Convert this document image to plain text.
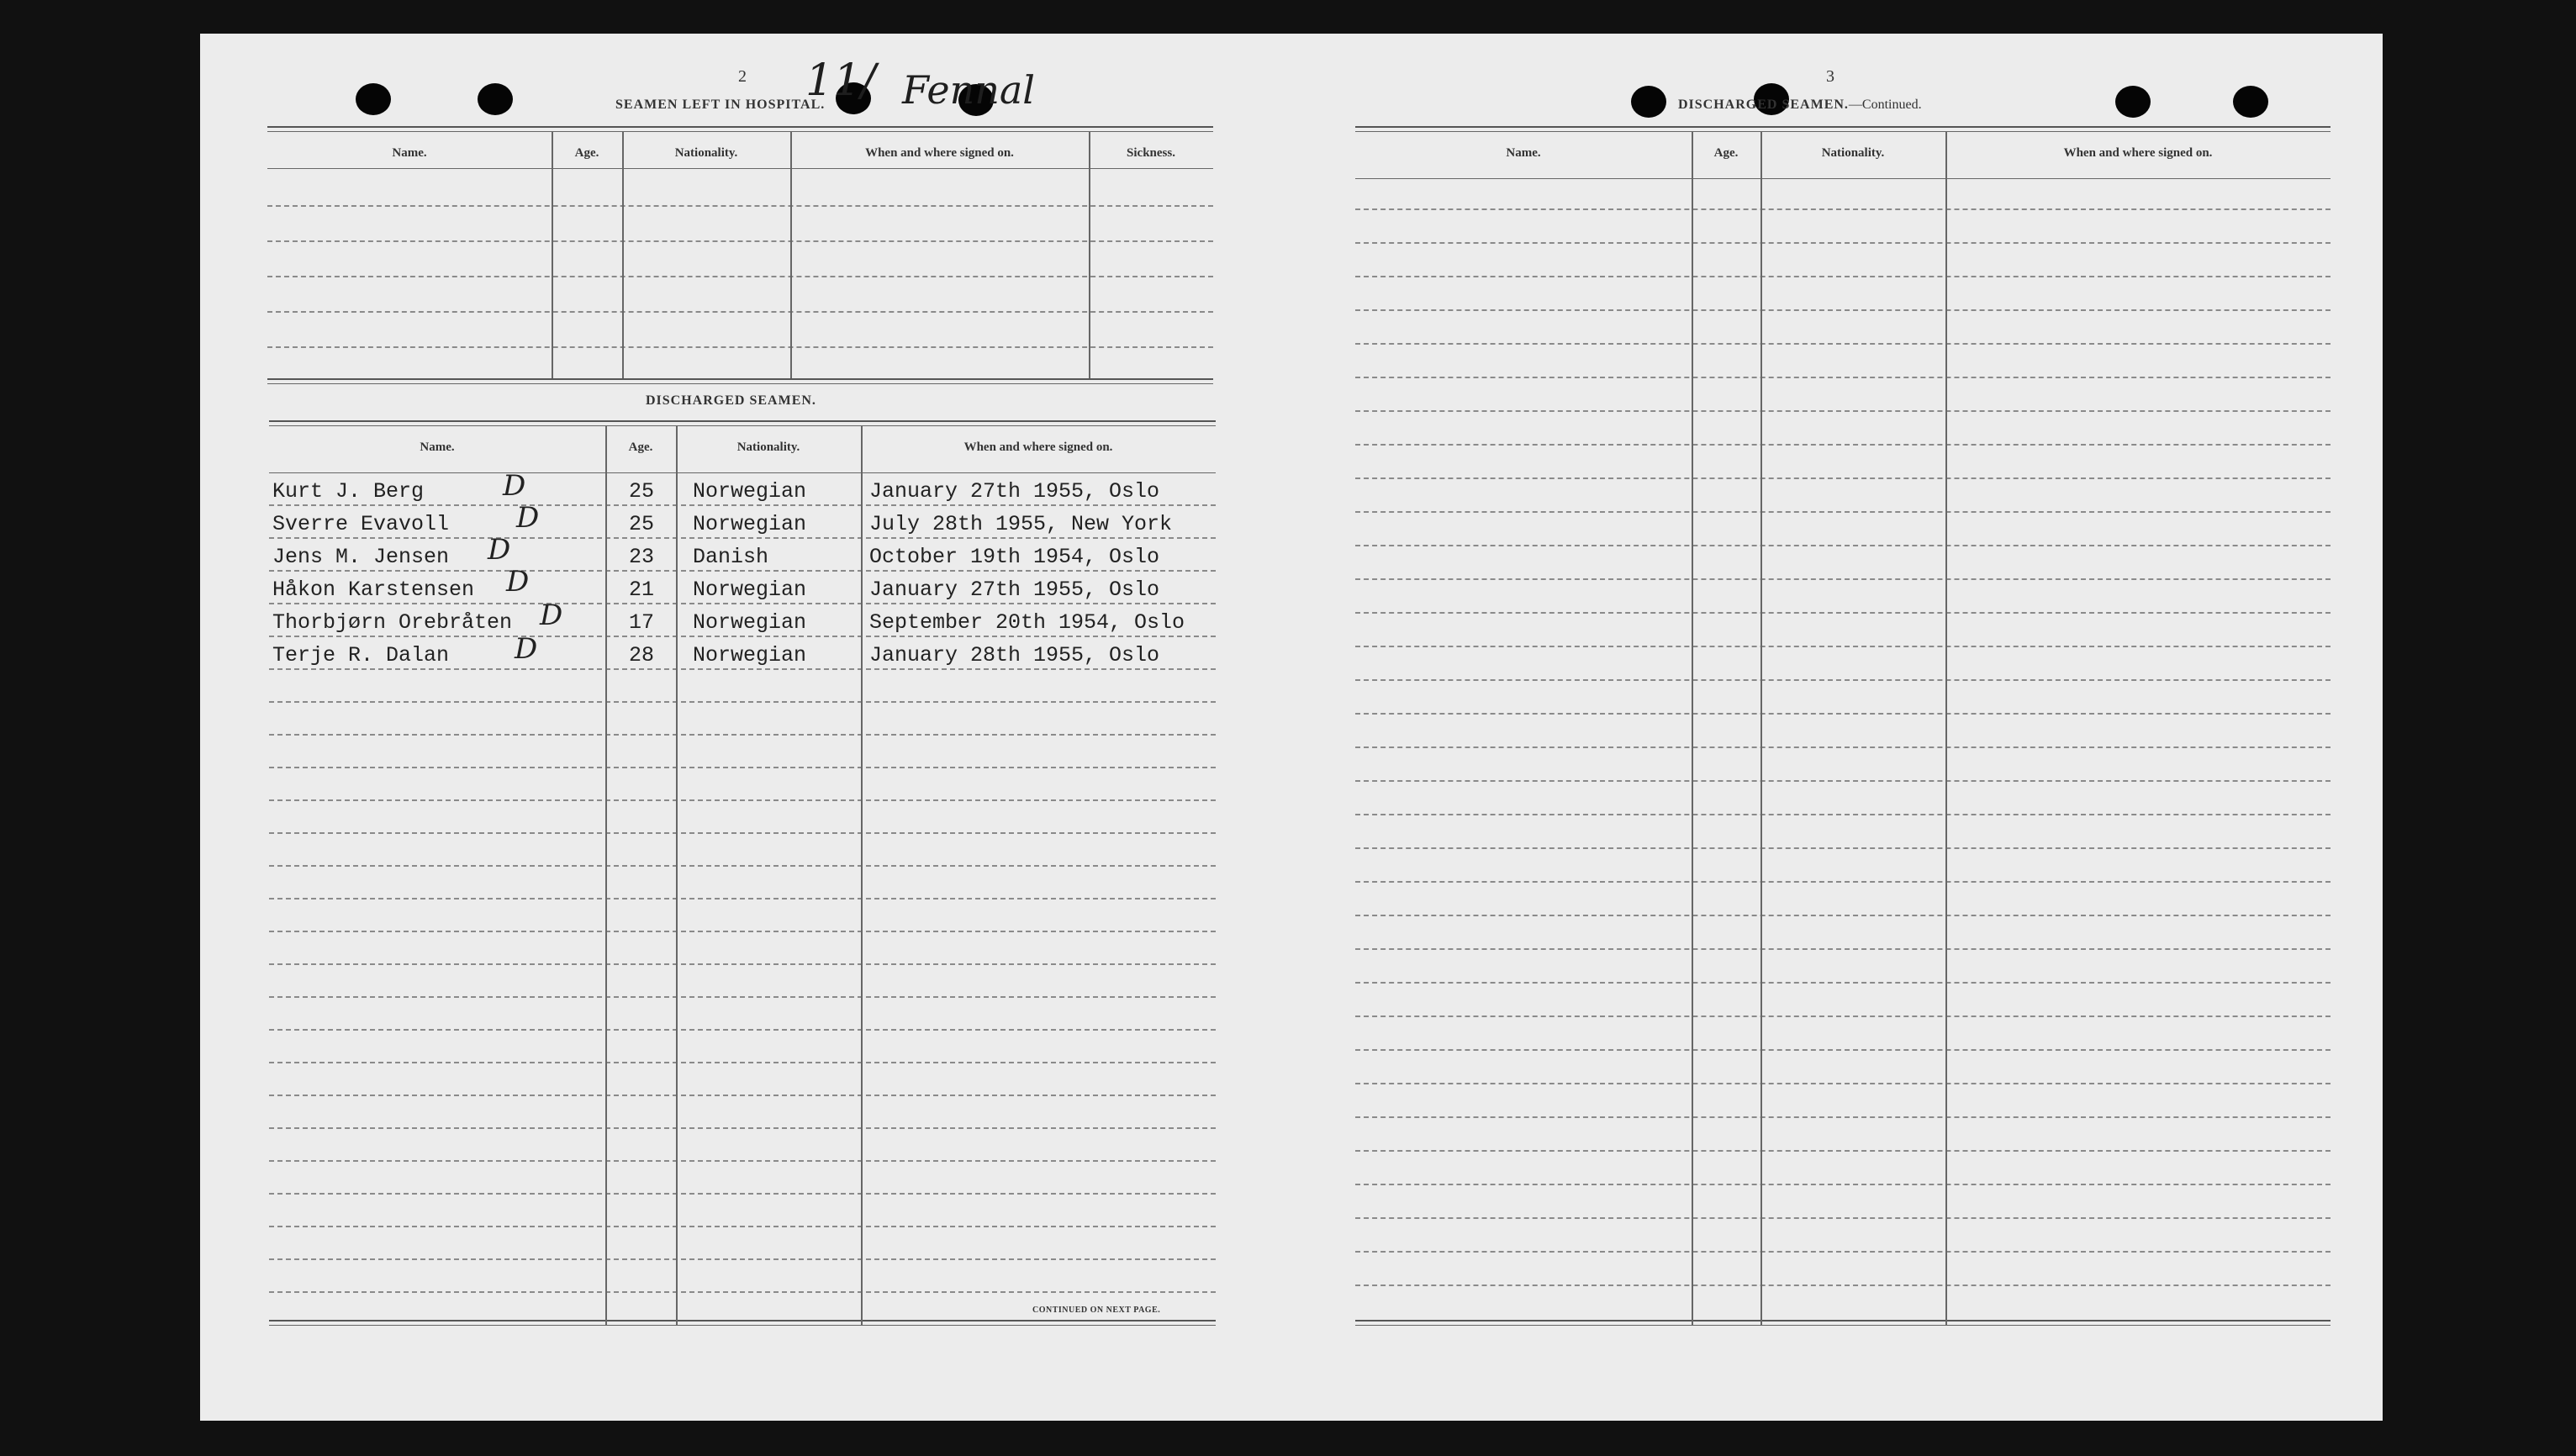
2 11/ Fennal
SEAMEN LEFT IN HOSPITAL.
Name.	Age.	Nationality.	When and where signed on.	Sickness.
DISCHARGED SEAMEN.
Name.	Age.	Nationality.	When and where signed on.
Kurt J. Berg	D	25 Norwegian	January 27th 1955, Oslo
Sverre Evavoll D	25 Norwegian	July 28th 1955, New York
Jens M. Jensen D	23 Danish	October 19th 1954, Oslo
Håkon Karstensen D	21 Norwegian	January 27th 1955, Oslo
Thorbjørn Orebråten D	17 Norwegian	September 20th 1954, Oslo
Terje R. Dalan D	28 Norwegian	January 28th 1955, Oslo
CONTINUED ON NEXT PAGE.
3
DISCHARGED SEAMEN.—Continued.
Name.	Age.	Nationality.	When and where signed on.
